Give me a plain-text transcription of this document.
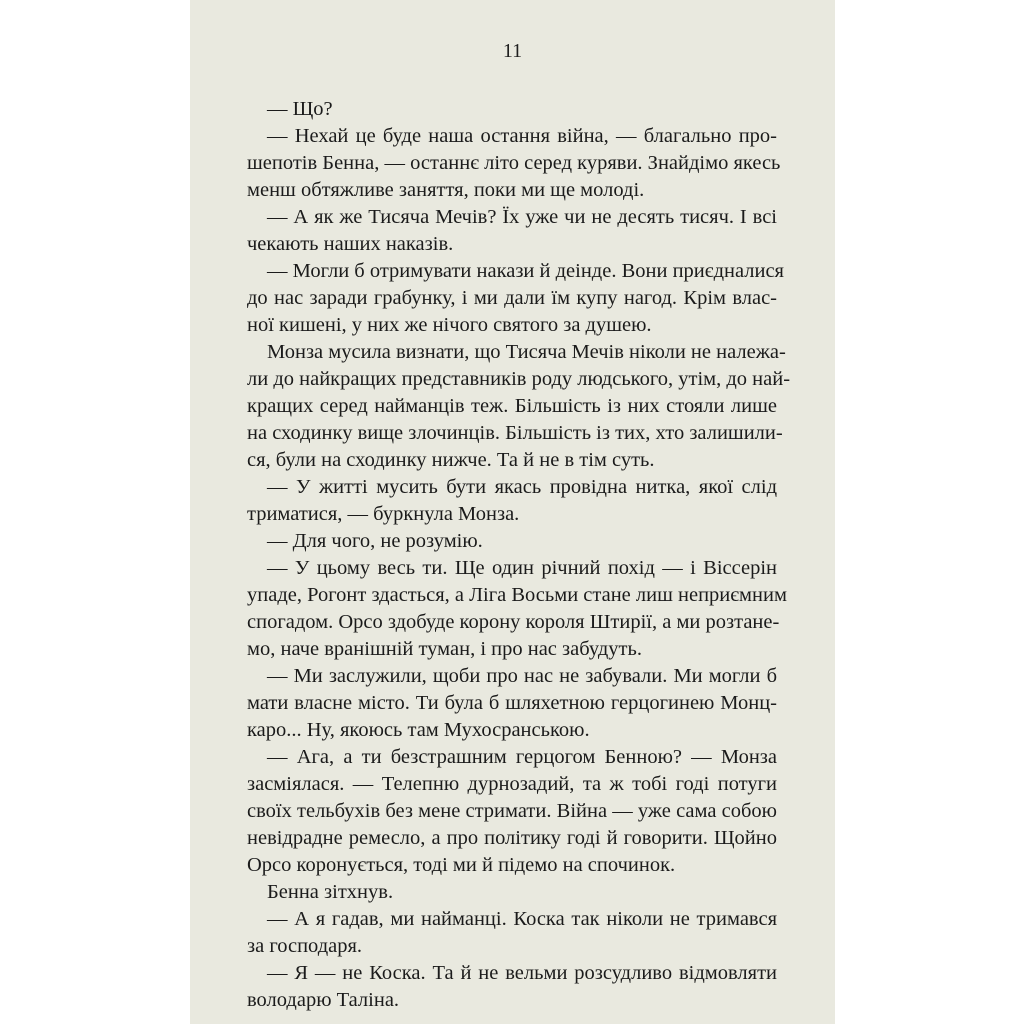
11
— Що?
— Нехай це буде наша остання війна, — благально про-
шепотів Бенна, — останнє літо серед куряви. Знайдімо якесь
менш обтяжливе заняття, поки ми ще молоді.
— А як же Тисяча Мечів? Їх уже чи не десять тисяч. І всі
чекають наших наказів.
— Могли б отримувати накази й деінде. Вони приєдналися
до нас заради грабунку, і ми дали їм купу нагод. Крім влас-
ної кишені, у них же нічого святого за душею.
Монза мусила визнати, що Тисяча Мечів ніколи не належа-
ли до найкращих представників роду людського, утім, до най-
кращих серед найманців теж. Більшість із них стояли лише
на сходинку вище злочинців. Більшість із тих, хто залишили-
ся, були на сходинку нижче. Та й не в тім суть.
— У житті мусить бути якась провідна нитка, якої слід
триматися, — буркнула Монза.
— Для чого, не розумію.
— У цьому весь ти. Ще один річний похід — і Віссерін
упаде, Рогонт здасться, а Ліга Восьми стане лиш неприємним
спогадом. Орсо здобуде корону короля Штирії, а ми розтане-
мо, наче вранішній туман, і про нас забудуть.
— Ми заслужили, щоби про нас не забували. Ми могли б
мати власне місто. Ти була б шляхетною герцогинею Монц-
каро... Ну, якоюсь там Мухосранською.
— Ага, а ти безстрашним герцогом Бенною? — Монза
засміялася. — Телепню дурнозадий, та ж тобі годі потуги
своїх тельбухів без мене стримати. Війна — уже сама собою
невідрадне ремесло, а про політику годі й говорити. Щойно
Орсо коронується, тоді ми й підемо на спочинок.
Бенна зітхнув.
— А я гадав, ми найманці. Коска так ніколи не тримався
за господаря.
— Я — не Коска. Та й не вельми розсудливо відмовляти
володарю Таліна.
